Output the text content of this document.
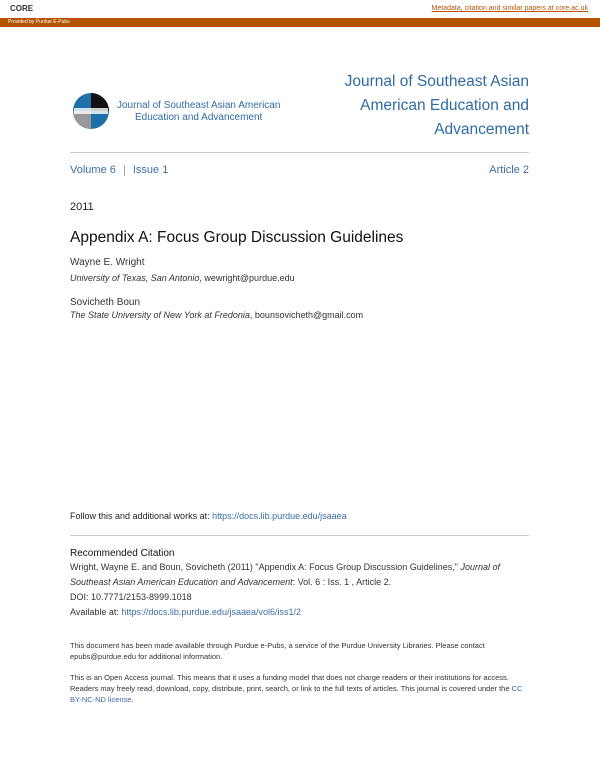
CORE	Metadata, citation and similar papers at core.ac.uk
Provided by Purdue E-Pubs
Journal of Southeast Asian American
Education and Advancement
Journal of Southeast Asian
American Education and
Advancement
Volume 6 | Issue 1	Article 2
2011
Appendix A: Focus Group Discussion Guidelines
Wayne E. Wright
University of Texas, San Antonio, wewright@purdue.edu
Sovicheth Boun
The State University of New York at Fredonia, bounsovicheth@gmail.com
Follow this and additional works at: https://docs.lib.purdue.edu/jsaaea
Recommended Citation
Wright, Wayne E. and Boun, Sovicheth (2011) "Appendix A: Focus Group Discussion Guidelines," Journal of Southeast Asian American Education and Advancement: Vol. 6 : Iss. 1 , Article 2.
DOI: 10.7771/2153-8999.1018
Available at: https://docs.lib.purdue.edu/jsaaea/vol6/iss1/2
This document has been made available through Purdue e-Pubs, a service of the Purdue University Libraries. Please contact epubs@purdue.edu for additional information.
This is an Open Access journal. This means that it uses a funding model that does not charge readers or their institutions for access. Readers may freely read, download, copy, distribute, print, search, or link to the full texts of articles. This journal is covered under the CC BY-NC-ND license.
